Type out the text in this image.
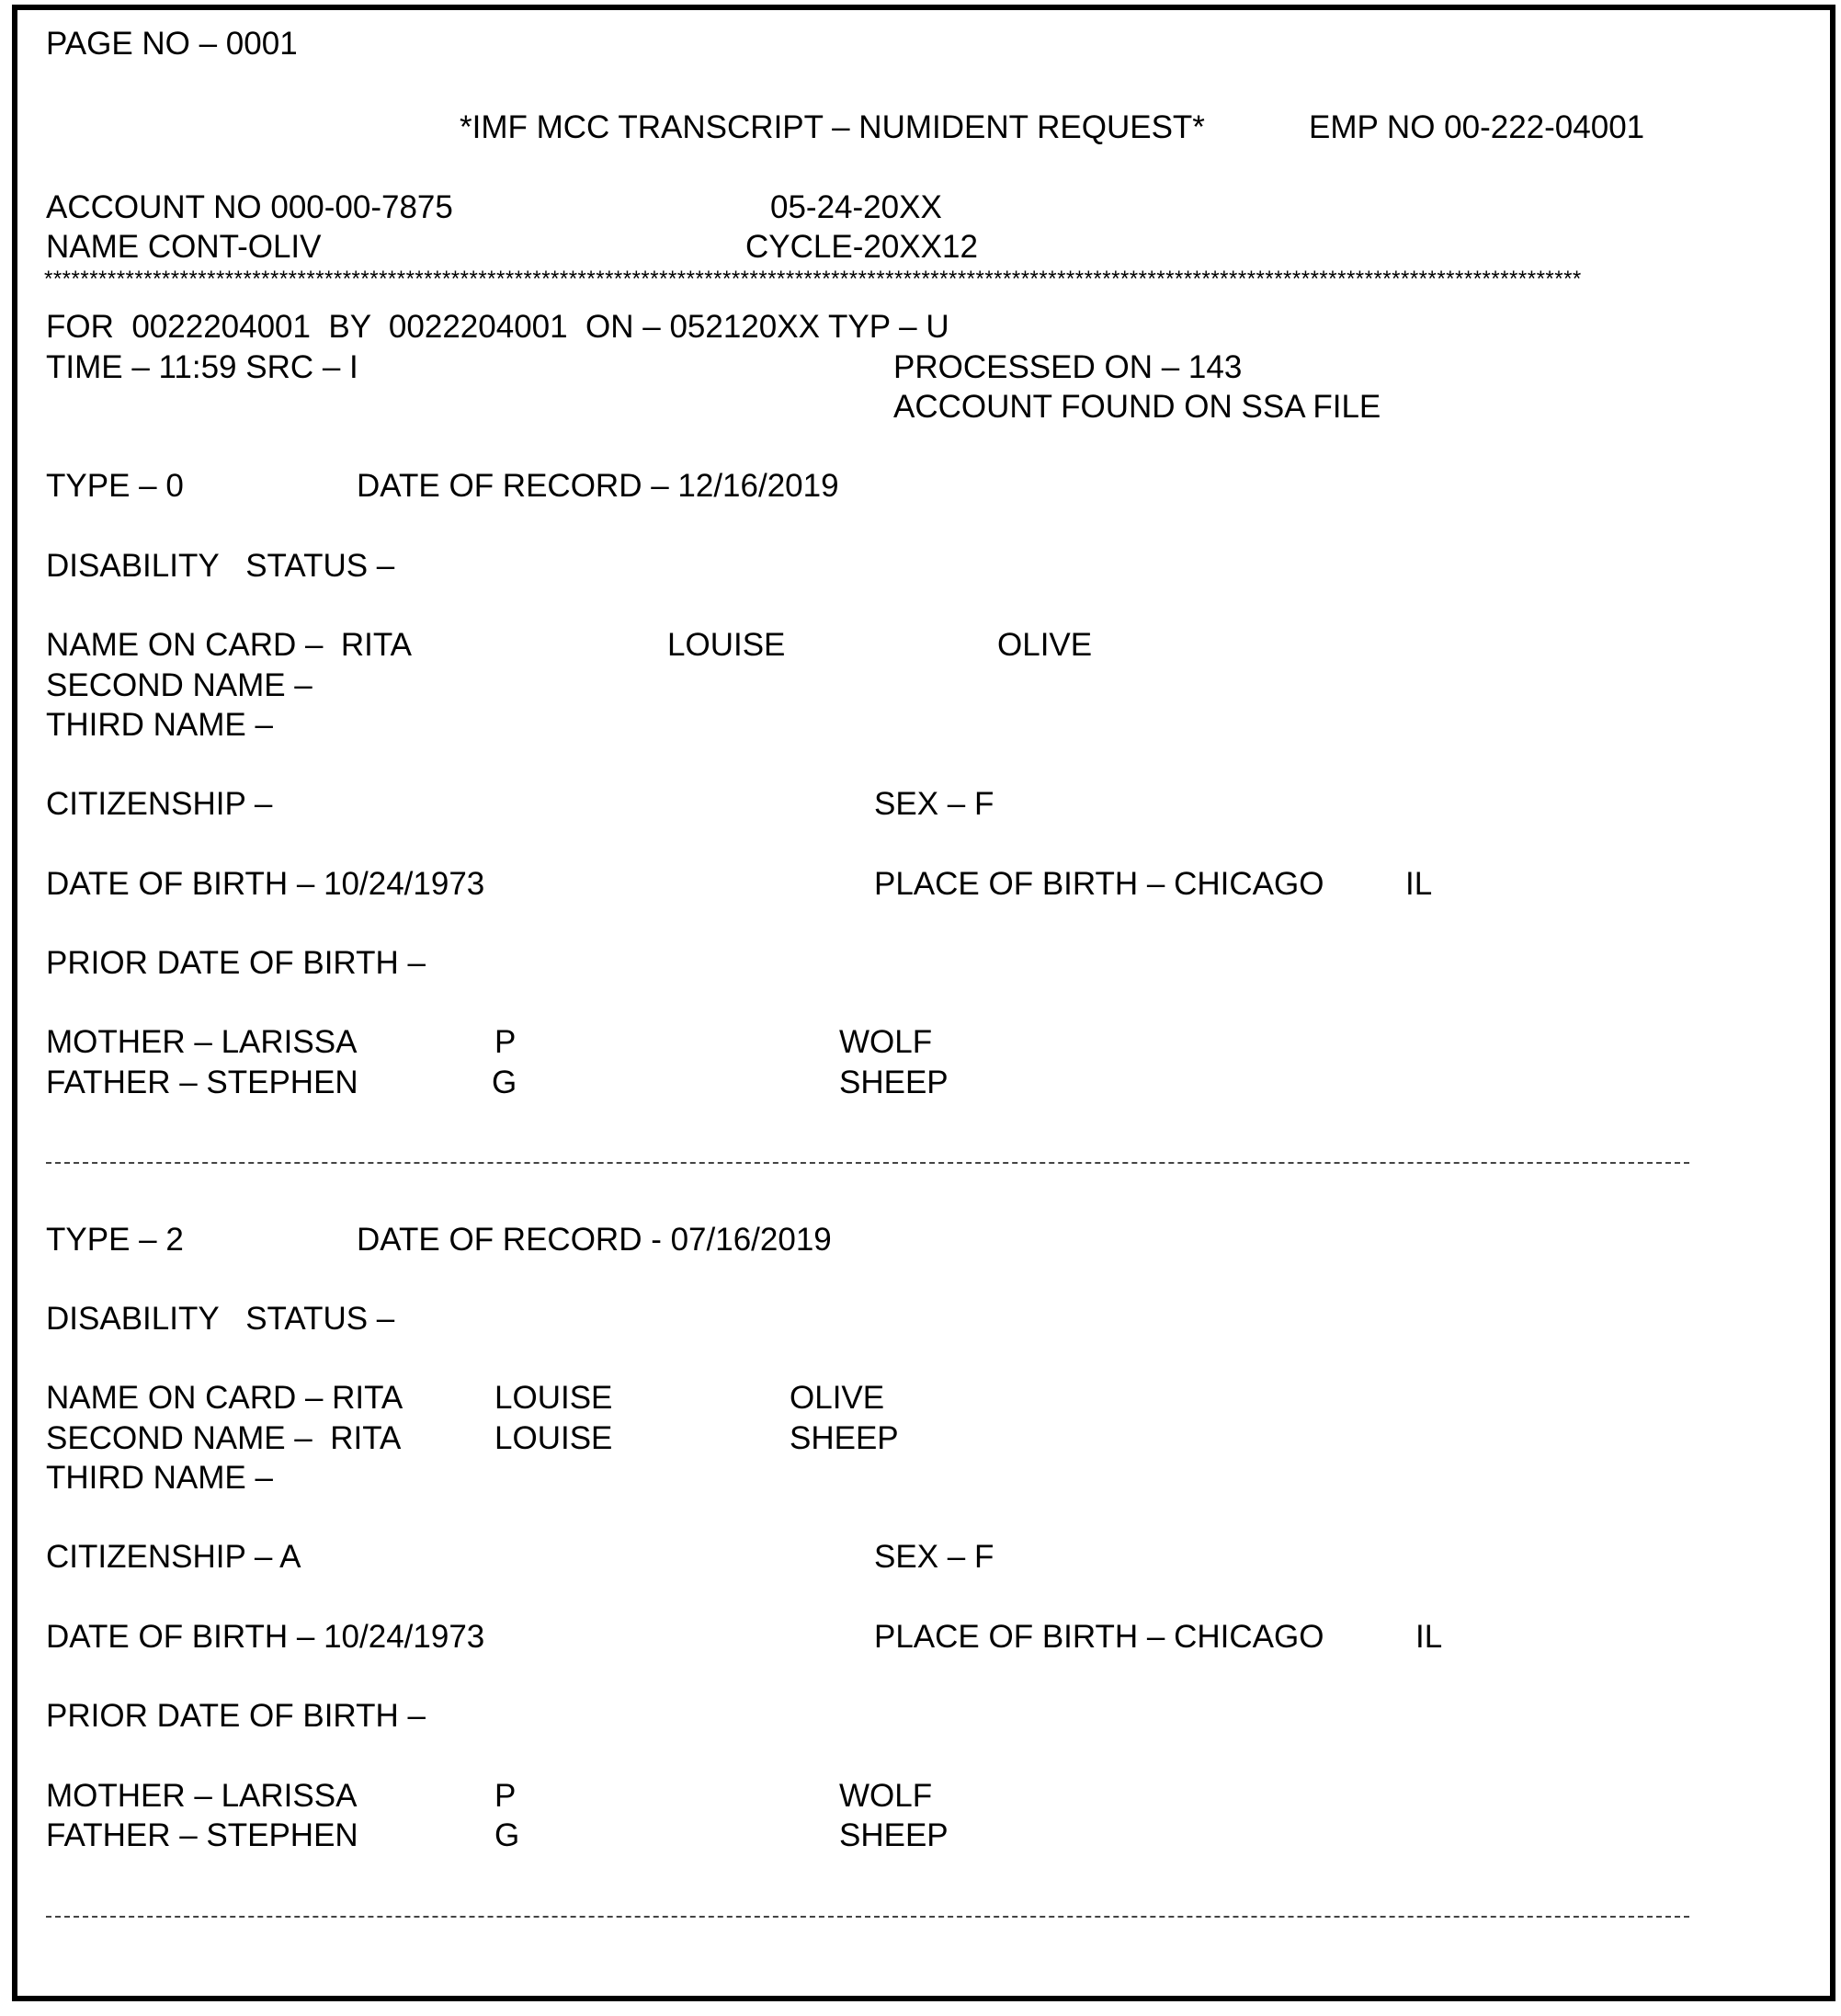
PAGE NO – 0001
*IMF MCC TRANSCRIPT – NUMIDENT REQUEST*	EMP NO 00-222-04001
ACCOUNT NO 000-00-7875	05-24-20XX
NAME CONT-OLIV	CYCLE-20XX12
**************************************************************************************************************************************************************************
FOR  0022204001  BY  0022204001  ON – 052120XX TYP – U
TIME – 11:59 SRC – I	PROCESSED ON – 143
ACCOUNT FOUND ON SSA FILE
TYPE – 0	DATE OF RECORD – 12/16/2019
DISABILITY   STATUS –
NAME ON CARD –  RITA	LOUISE	OLIVE
SECOND NAME –
THIRD NAME –
CITIZENSHIP –	SEX – F
DATE OF BIRTH – 10/24/1973	PLACE OF BIRTH – CHICAGO	IL
PRIOR DATE OF BIRTH –
MOTHER – LARISSA	P	WOLF
FATHER – STEPHEN	G	SHEEP
TYPE – 2	DATE OF RECORD - 07/16/2019
DISABILITY   STATUS –
NAME ON CARD – RITA	LOUISE	OLIVE
SECOND NAME –  RITA	LOUISE	SHEEP
THIRD NAME –
CITIZENSHIP – A	SEX – F
DATE OF BIRTH – 10/24/1973	PLACE OF BIRTH – CHICAGO	IL
PRIOR DATE OF BIRTH –
MOTHER – LARISSA	P	WOLF
FATHER – STEPHEN	G	SHEEP
